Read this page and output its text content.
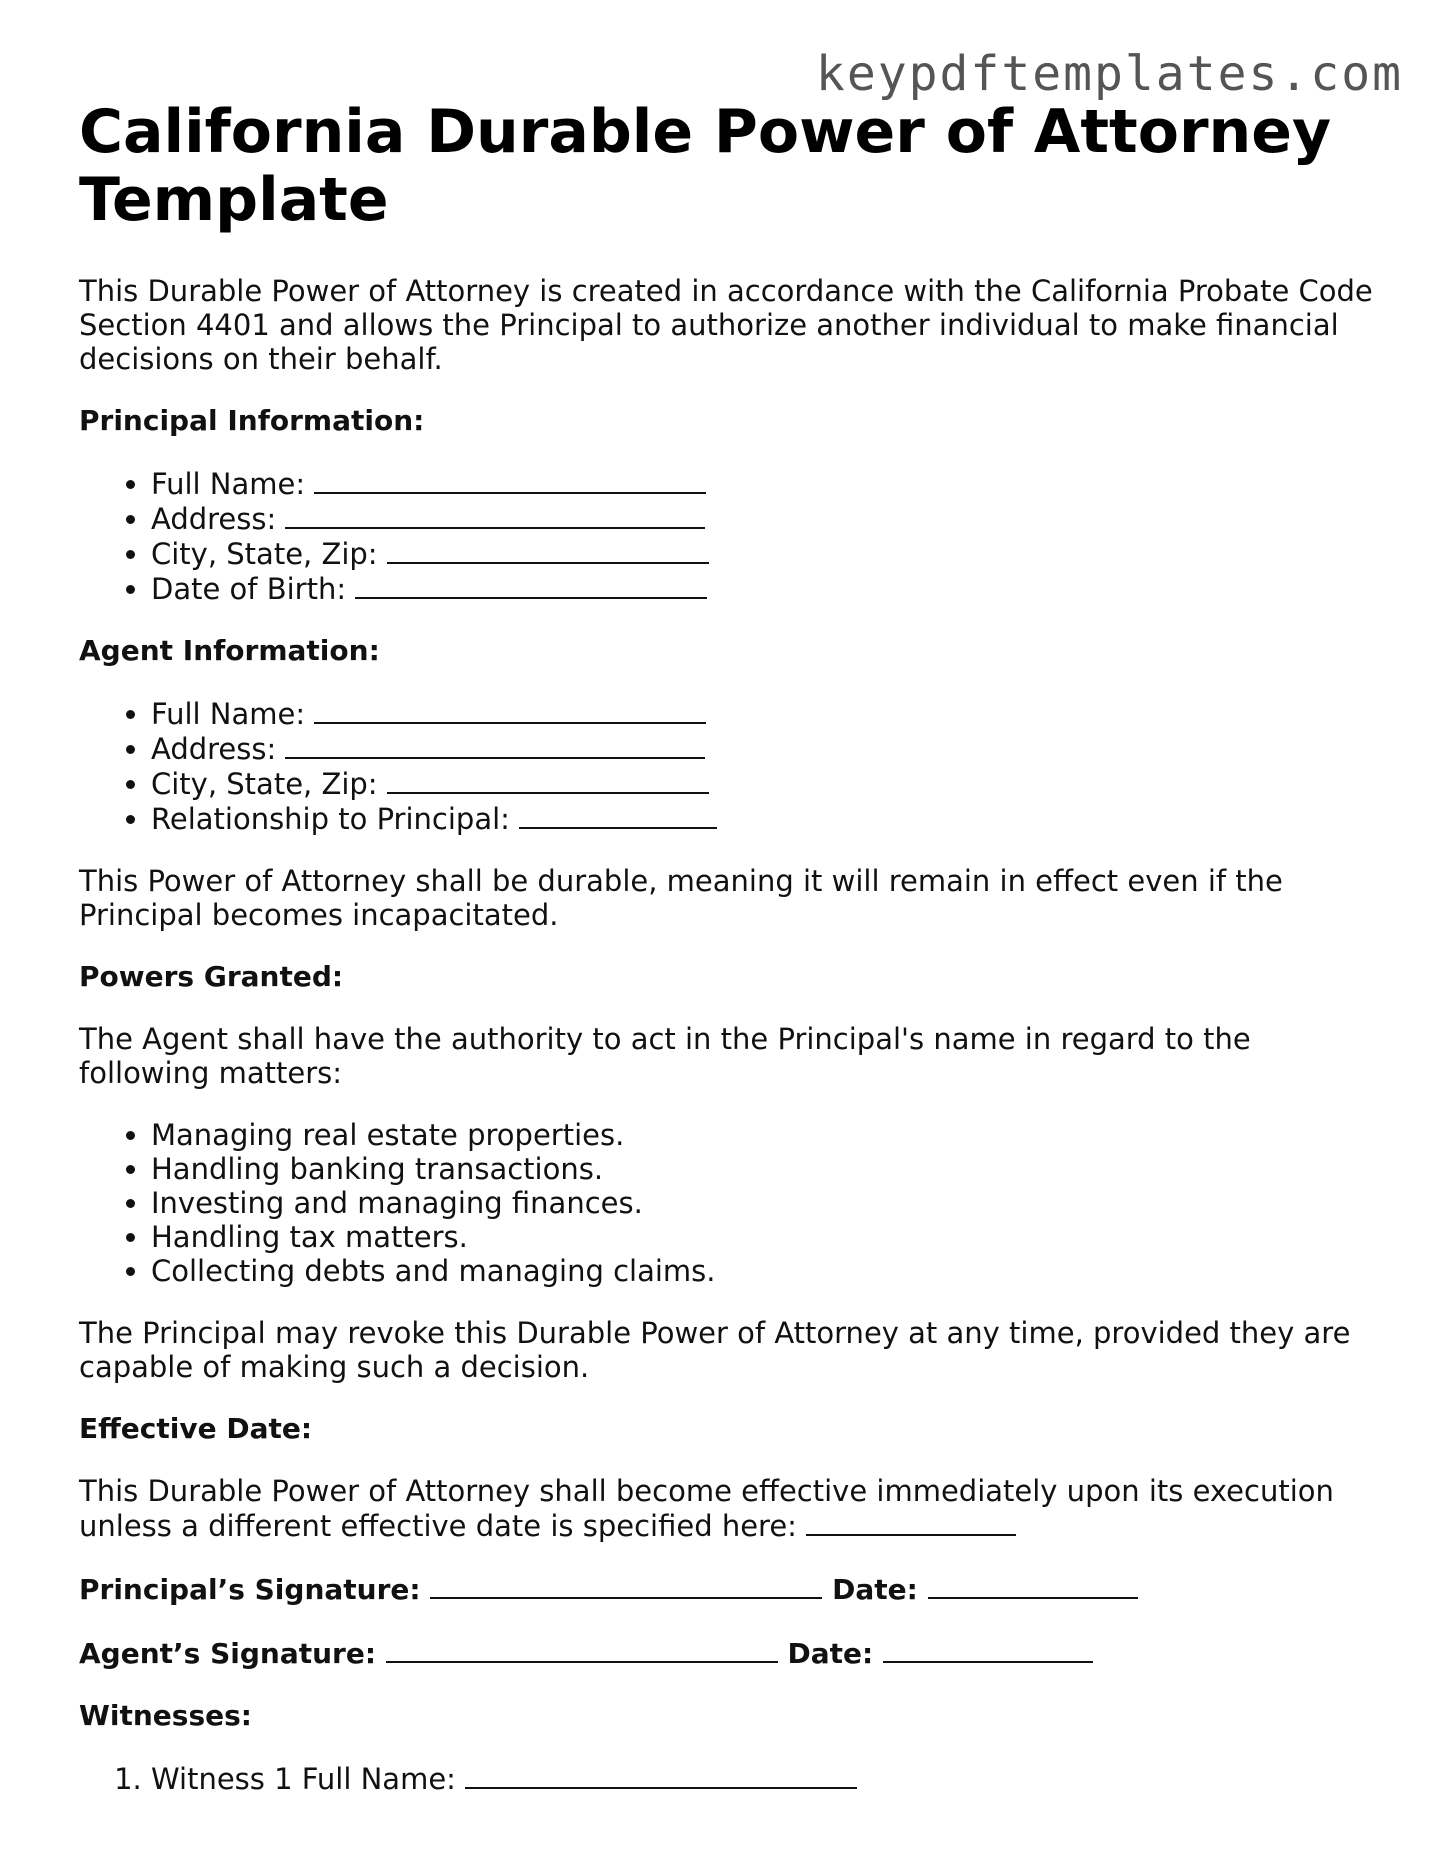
keypdftemplates.com
California Durable Power of Attorney Template

This Durable Power of Attorney is created in accordance with the California Probate Code Section 4401 and allows the Principal to authorize another individual to make financial decisions on their behalf.

Principal Information:

• Full Name:
• Address:
• City, State, Zip:
• Date of Birth:

Agent Information:

• Full Name:
• Address:
• City, State, Zip:
• Relationship to Principal:

This Power of Attorney shall be durable, meaning it will remain in effect even if the Principal becomes incapacitated.

Powers Granted:

The Agent shall have the authority to act in the Principal's name in regard to the following matters:

• Managing real estate properties.
• Handling banking transactions.
• Investing and managing finances.
• Handling tax matters.
• Collecting debts and managing claims.

The Principal may revoke this Durable Power of Attorney at any time, provided they are capable of making such a decision.

Effective Date:

This Durable Power of Attorney shall become effective immediately upon its execution unless a different effective date is specified here:

Principal’s Signature:	Date:

Agent’s Signature:	Date:

Witnesses:

1. Witness 1 Full Name:
